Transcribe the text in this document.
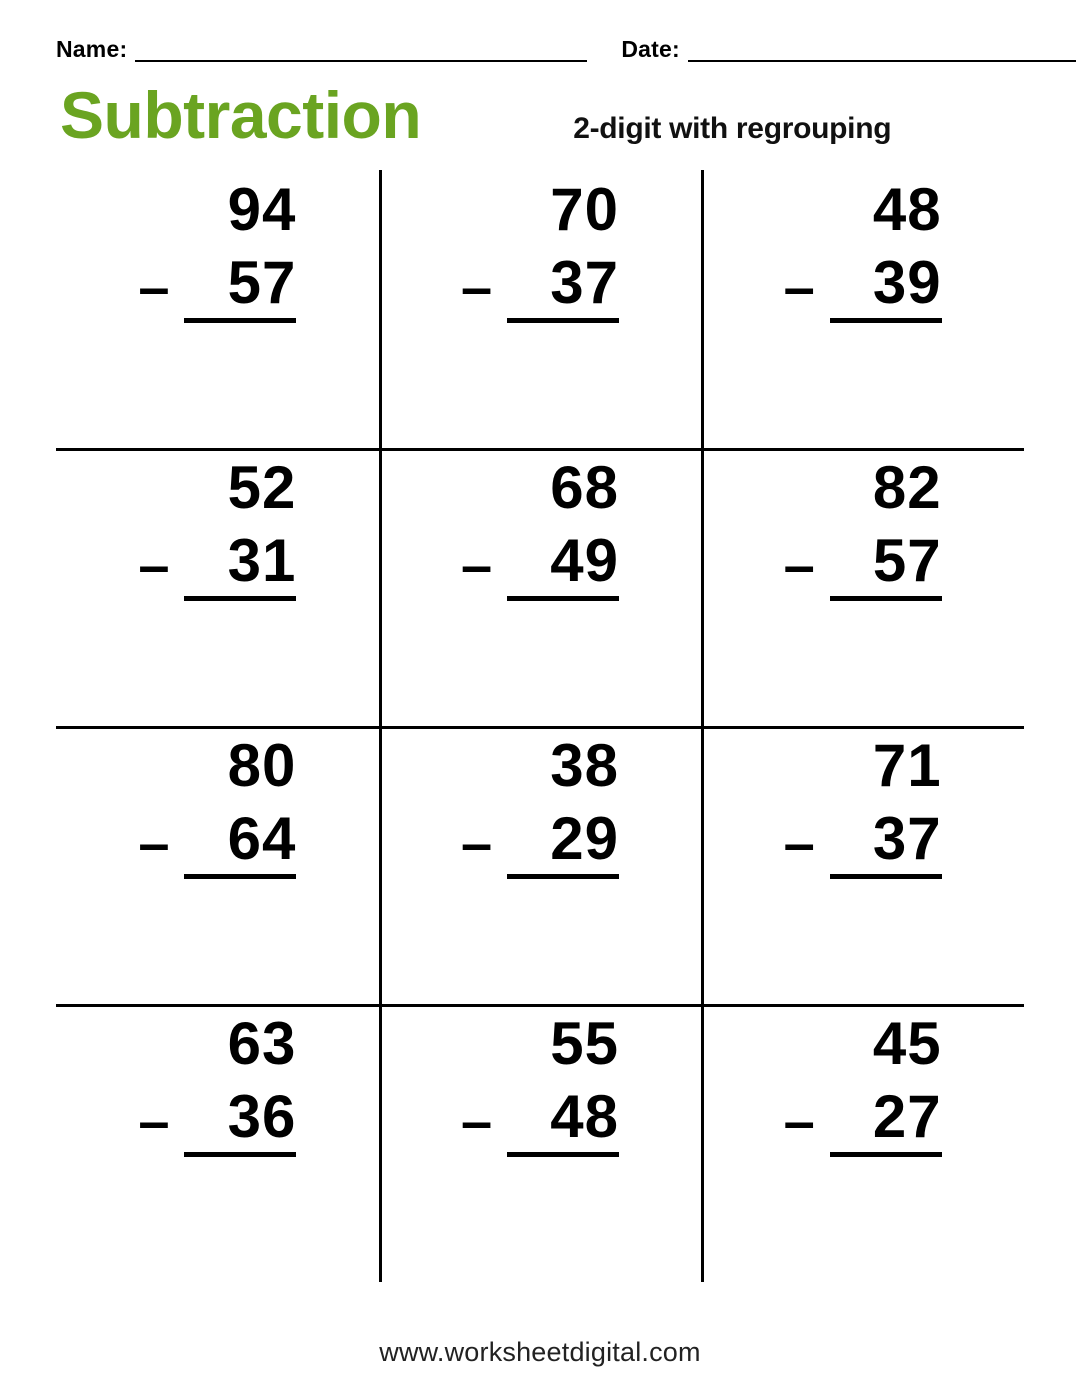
Name:	Date:
Subtraction	2-digit with regrouping
94
– 57
70
– 37
48
– 39
52
– 31
68
– 49
82
– 57
80
– 64
38
– 29
71
– 37
63
– 36
55
– 48
45
– 27
www.worksheetdigital.com
